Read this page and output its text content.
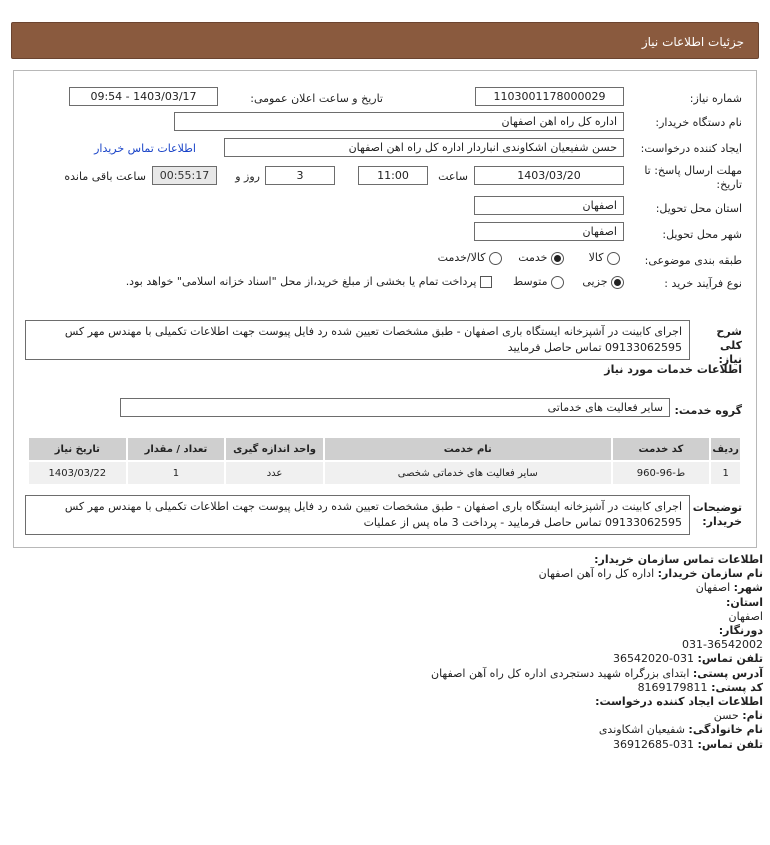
جزئیات اطلاعات نیاز
شماره نیاز:
1103001178000029
تاریخ و ساعت اعلان عمومی:
1403/03/17 - 09:54
نام دستگاه خریدار:
اداره کل راه اهن اصفهان
ایجاد کننده درخواست:
حسن شفیعیان اشکاوندی انباردار اداره کل راه اهن اصفهان
اطلاعات تماس خریدار
مهلت ارسال پاسخ: تا تاریخ:
1403/03/20
ساعت
11:00
3
روز و
00:55:17
ساعت باقی مانده
استان محل تحویل:
اصفهان
شهر محل تحویل:
اصفهان
طبقه بندی موضوعی:
کالا
خدمت
کالا/خدمت
نوع فرآیند خرید :
جزیی
متوسط
پرداخت تمام یا بخشی از مبلغ خرید،از محل "اسناد خزانه اسلامی" خواهد بود.
شرح کلی نیاز:
اجرای کابینت در آشپزخانه ایستگاه باری اصفهان - طبق مشخصات تعیین شده رد فایل پیوست جهت اطلاعات تکمیلی با مهندس مهر کس 09133062595 تماس حاصل فرمایید
اطلاعات خدمات مورد نیاز
گروه خدمت:
سایر فعالیت های خدماتی
ردیف	کد خدمت	نام خدمت	واحد اندازه گیری	تعداد / مقدار	تاریخ نیاز
1	ط-96-960	سایر فعالیت های خدماتی شخصی	عدد	1	1403/03/22
توضیحات خریدار:
اجرای کابینت در آشپزخانه ایستگاه باری اصفهان - طبق مشخصات تعیین شده رد فایل پیوست جهت اطلاعات تکمیلی با مهندس مهر کس 09133062595 تماس حاصل فرمایید - پرداخت 3 ماه پس از عملیات
اطلاعات تماس سازمان خریدار:
نام سازمان خریدار: اداره کل راه آهن اصفهان
شهر: اصفهان
استان:
اصفهان
دورنگار:
031-36542002
تلفن تماس: 031-36542020
آدرس پستی: ابتدای بزرگراه شهید دستجردی اداره کل راه آهن اصفهان
کد پستی: 8169179811
اطلاعات ایجاد کننده درخواست:
نام: حسن
نام خانوادگی: شفیعیان اشکاوندی
تلفن تماس: 031-36912685
